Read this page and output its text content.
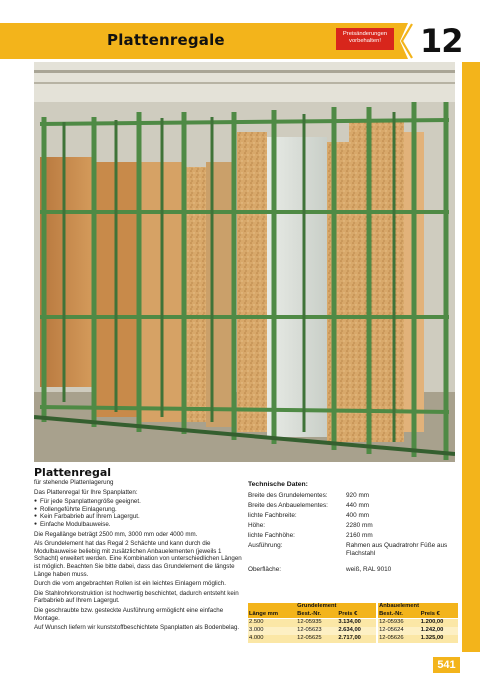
Plattenregale	Preisänderungen vorbehalten!	12
Plattenregal

für stehende Plattenlagerung

Das Plattenregal für Ihre Spanplatten:

● Für jede Spanplattengröße geeignet.
● Rollengeführte Einlagerung.
● Kein Farbabrieb auf Ihrem Lagergut.
● Einfache Modulbauweise.

Die Regallänge beträgt 2500 mm, 3000 mm oder 4000 mm.

Als Grundelement hat das Regal 2 Schächte und kann durch die Modulbauweise beliebig mit zusätzlichen Anbauelementen (jeweils 1 Schacht) erweitert werden. Eine Kombination von unterschiedlichen Längen ist möglich. Beachten Sie bitte dabei, dass das Grundelement die längste Länge haben muss.

Durch die vom angebrachten Rollen ist ein leichtes Einlagern möglich.

Die Stahlrohrkonstruktion ist hochwertig beschichtet, dadurch entsteht kein Farbabrieb auf Ihrem Lagergut.

Die geschraubte bzw. gesteckte Ausführung ermöglicht eine einfache Montage.

Auf Wunsch liefern wir kunststoffbeschichtete Spanplatten als Bodenbelag.

Technische Daten:
Breite des Grundelementes:	920 mm
Breite des Anbauelementes:	440 mm
lichte Fachbreite:	400 mm
Höhe:	2280 mm
lichte Fachhöhe:	2160 mm
Ausführung:	Rahmen aus Quadratrohr Füße aus Flachstahl
Oberfläche:	weiß, RAL 9010
	Grundelement		Anbauelement	
Länge mm	Best.-Nr.	Preis €	Best.-Nr.	Preis €
2.500	12-05935	3.134,00	12-05936	1.200,00
3.000	12-05623	2.634,00	12-05624	1.242,00
4.000	12-05625	2.717,00	12-05626	1.325,00
541
